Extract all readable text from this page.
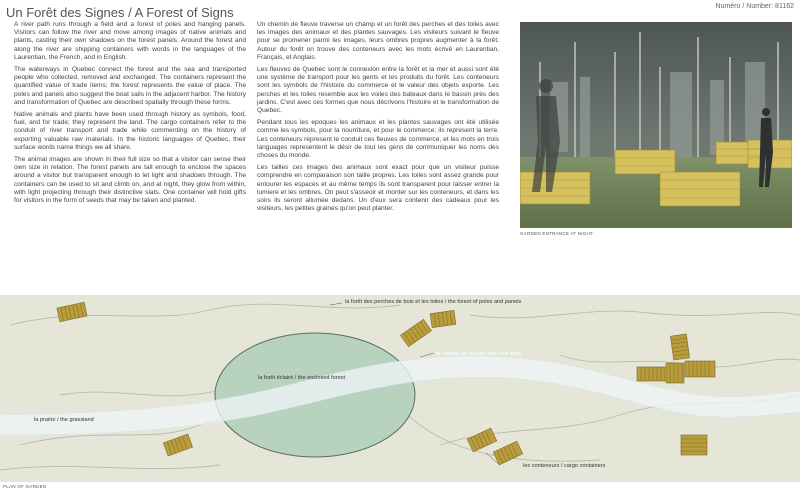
Un Forêt des Signes / A Forest of Signs	Numéro / Number: 81162

A river path runs through a field and a forest of poles and hanging panels. Visitors can follow the river and move among images of native animals and plants, casting their own shadows on the forest panels. Around the forest and along the river are shipping containers with words in the languages of the Laurentian, the French, and in English.

The waterways in Quebec connect the forest and the sea and transported people who collected, removed and exchanged. The containers represent the quantified value of trade items; the forest represents the value of place. The poles and panels also suggest the boat sails in the adjacent harbor. The history and transformation of Quebec are described spatially through these forms.

Native animals and plants have been used through history as symbols, food, fuel, and for trade; they represent the land. The cargo containers refer to the conduit of river transport and trade while commenting on the history of exporting valuable raw materials. In the historic languages of Quebec, their surface words name things we all share.

The animal images are shown in their full size so that a visitor can sense their own size in relation. The forest panels are tall enough to enclose the spaces around a visitor but transparent enough to let light and shadows through. The containers can be used to sit and climb on, and at night, they glow from within, with light projecting through their distinctive slats. One container will hold gifts for visitors in the form of seeds that may be taken and planted.

Un chemin de fleuve traverse un champ et un forêt des perches et des toiles avec les images des animaux et des plantes sauvages. Les visiteurs suivant le fleuve pour se promener parmi les images, leurs ombres propres augmenter à la forêt. Autour du forêt on trouve des conteneurs avec les mots écrivé en Laurentian, Français, et Anglais.

Les fleuves de Quebec sont le connexion entre la forêt et la mer et aussi sont été une système de transport pour les gents et les produits du forêt. Les conteneurs sont les symbols de l'histoire du commerce et le valeur des objets exporte. Les perches et les toiles resemble aux les voiles des bateaux dans le bassin près des jardins. C'est avec ces formes que nous décrivons l'histoire et le transformation de Quebec.

Pendant tous les epoques les animaux et les plantes sauvages ont été utilisée comme les symbols, pour la nourriture, et pour le commerce; ils represent la terre. Les conteneurs represent le conduit ces fleuves de commerce, et les mots en trois languages representent le désir de tout les gens de communiquer les noms des choses du monde.

Les tailles ces images des animaux sont exact pour que un visiteur puisse comprendre en comparaison son taille propres. Les toiles sont assez grande pour entourer les espaces et au même temps ils sont transparent pour laisser entrer la lumiere et les ombres. On peut s'asseoir et monter sur les conteneurs, et dans les soirs ils seront allumée dedans. Un d'eux sera contenir des cadeaux pour les visiteurs, les petites graines qu'on peut planter.

GARDEN ENTRANCE AT NIGHT
la forêt des perches de bois et les toiles / the forest of poles and panels
le chemin de fleuve / the river path
la forêt éclairé / the enclosed forest
la prairie / the grassland
les conteneurs / cargo containers
PLAN OF GARDEN
